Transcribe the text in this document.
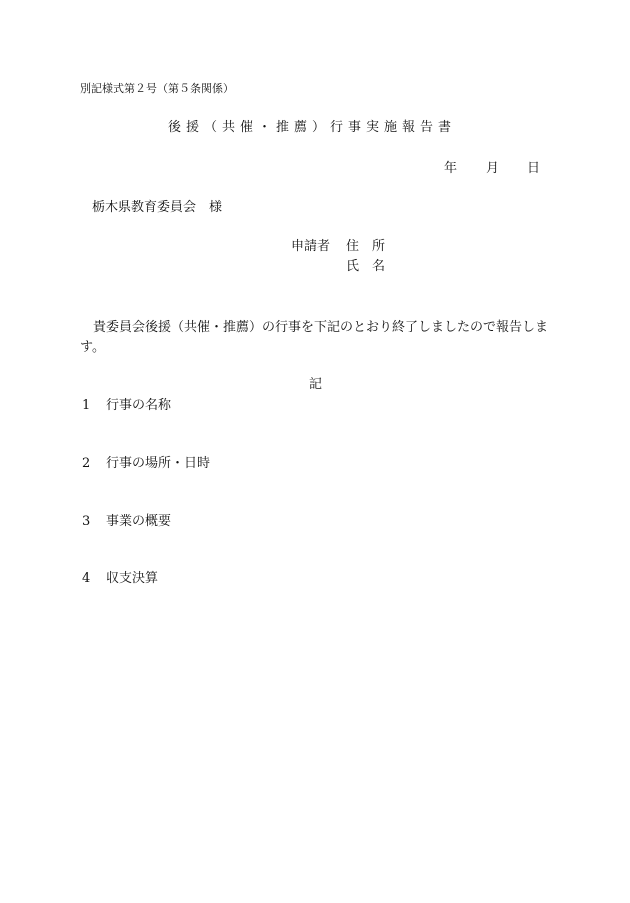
別記様式第２号（第５条関係）
後援（共催・推薦）行事実施報告書
年 月 日
栃木県教育委員会　様
申請者 住　所
氏　名
貴委員会後援（共催・推薦）の行事を下記のとおり終了しましたので報告します。
記
1 行事の名称
2 行事の場所・日時
3 事業の概要
4 収支決算
